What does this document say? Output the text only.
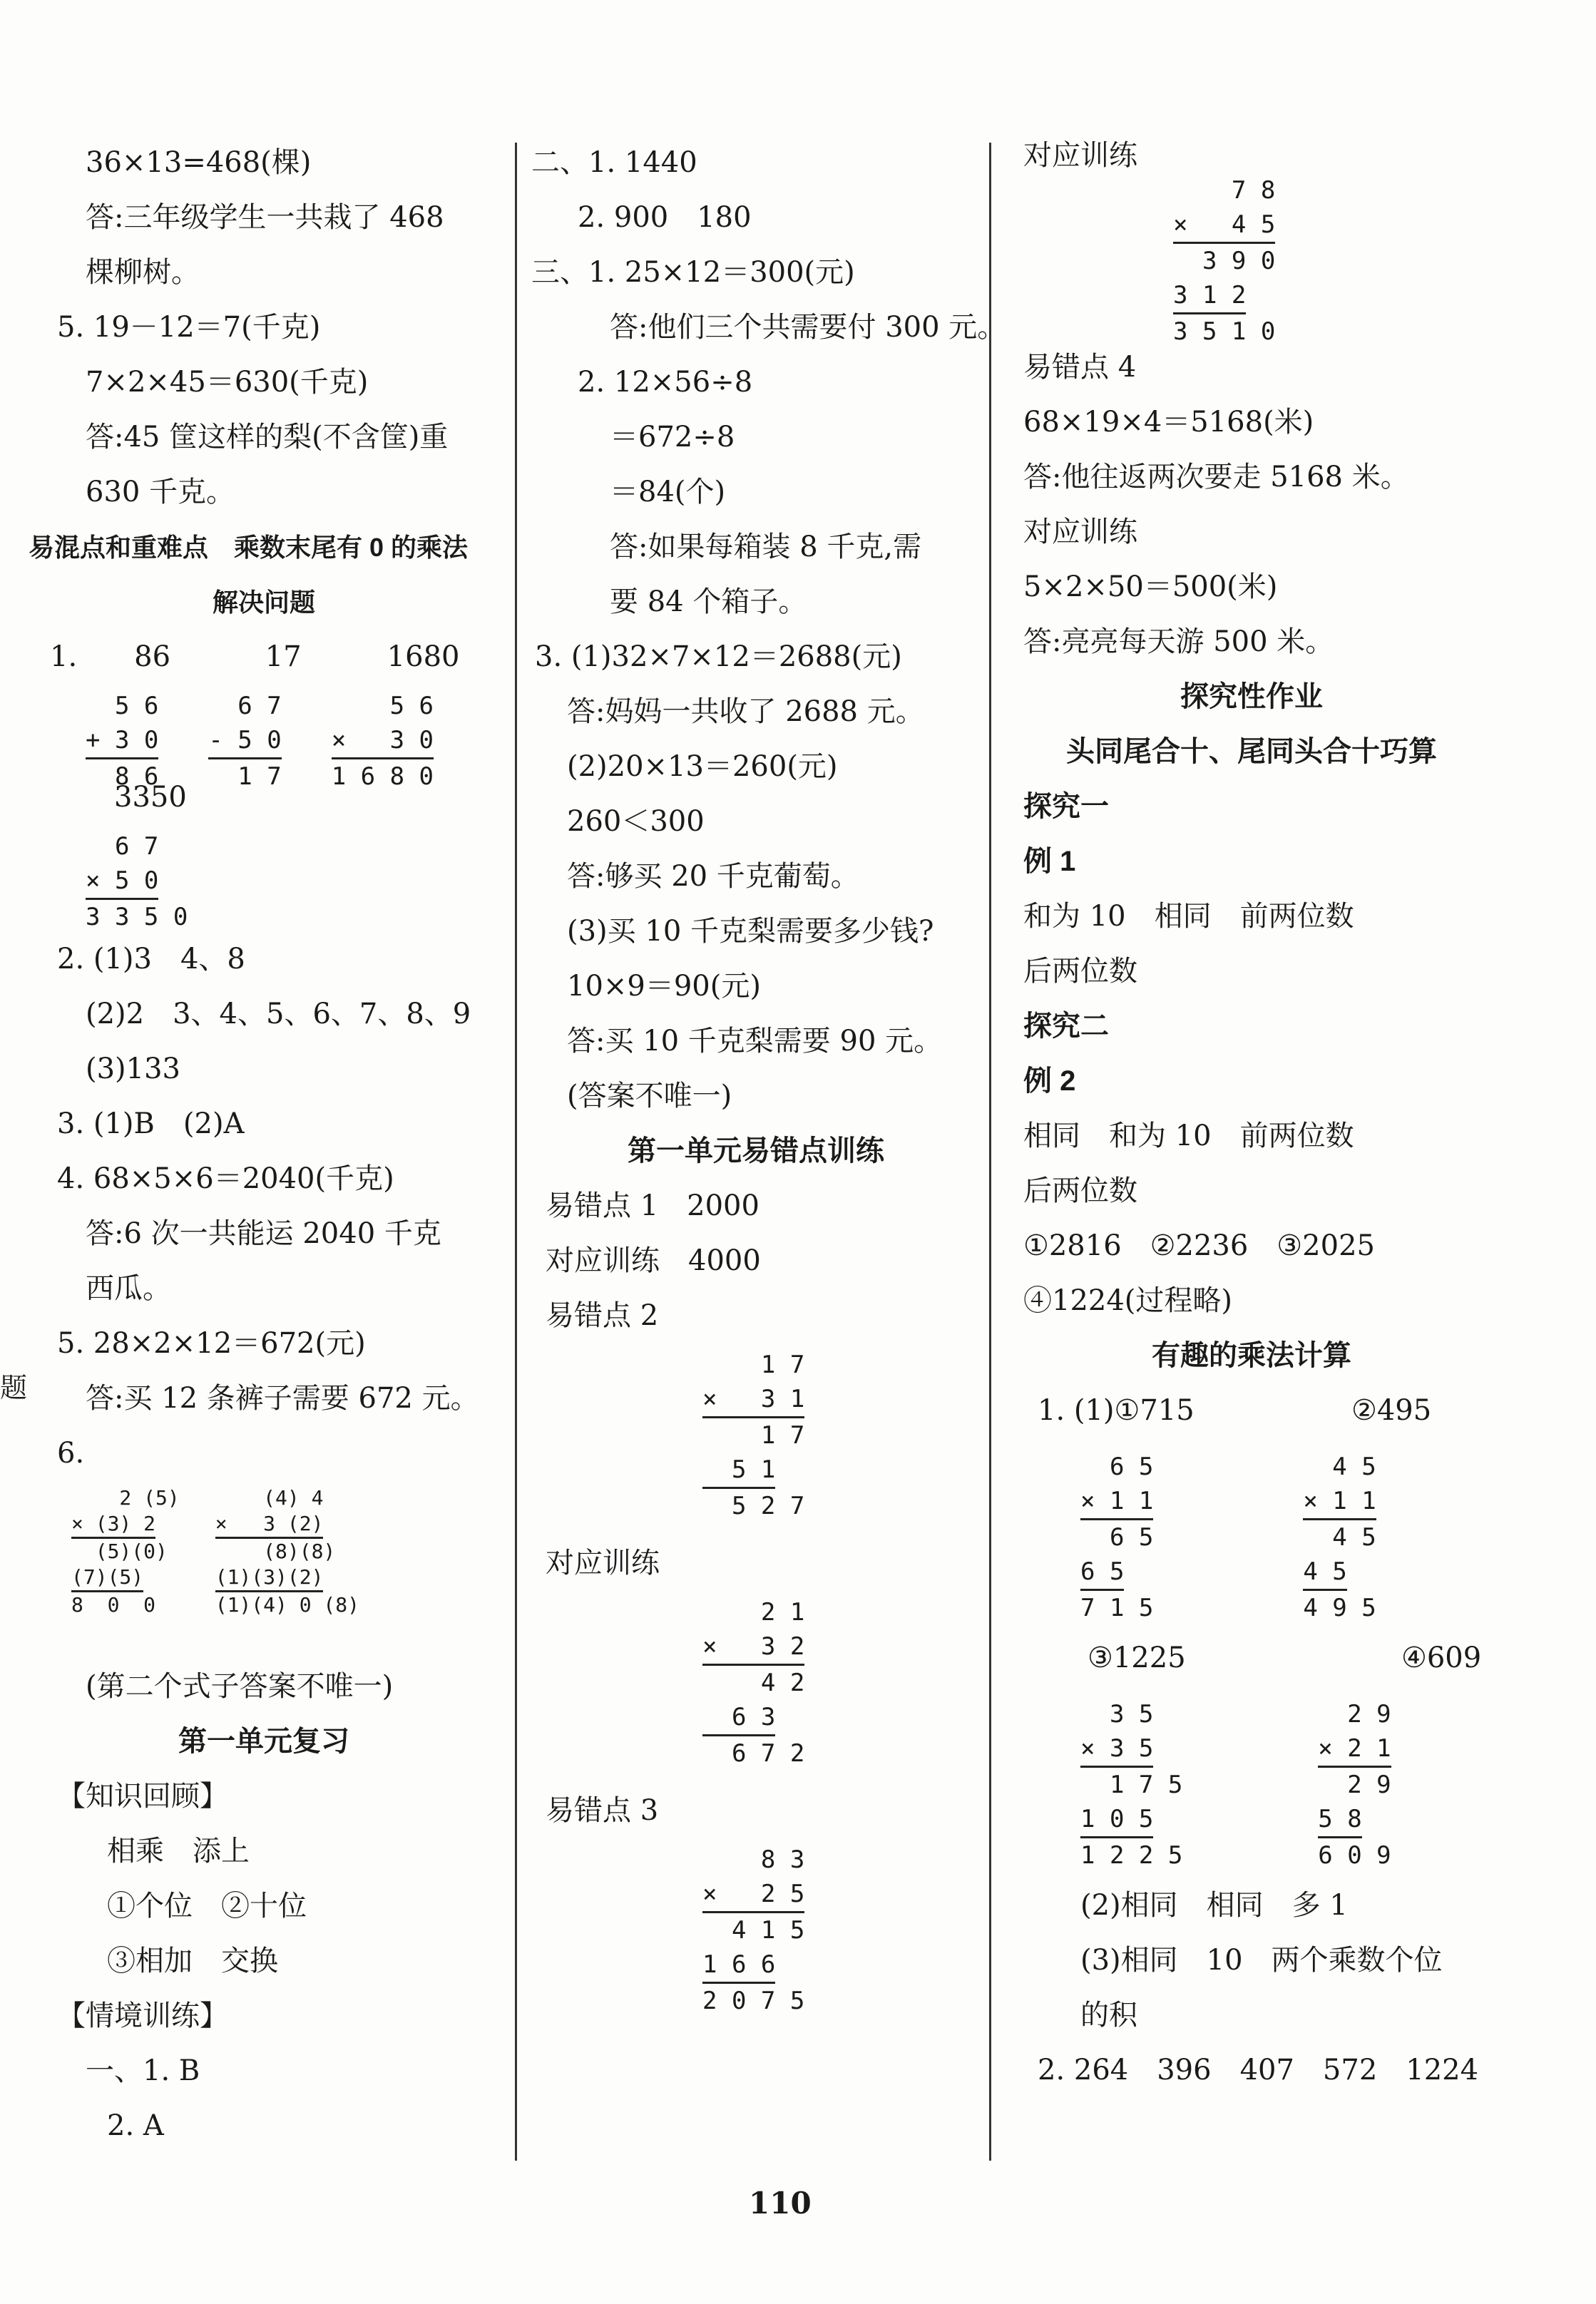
题
36×13=468(棵)
答:三年级学生一共栽了 468
棵柳树。
5. 19－12＝7(千克)
7×2×45＝630(千克)
答:45 筐这样的梨(不含筐)重
630 千克。
易混点和重难点　乘数末尾有 0 的乘法
解决问题
1.　　86　　　 17　　　1680
5 6
+ 3 0
8 6
6 7
- 5 0
1 7
5 6
×   3 0
1 6 8 0
3350
6 7
× 5 0
3 3 5 0
2. (1)3　4、8
(2)2　3、4、5、6、7、8、9
(3)133
3. (1)B　(2)A
4. 68×5×6＝2040(千克)
答:6 次一共能运 2040 千克
西瓜。
5. 28×2×12＝672(元)
答:买 12 条裤子需要 672 元。
6.
2 (5)
× (3) 2
(5)(0)
(7)(5)
8  0  0
(4) 4
×   3 (2)
(8)(8)
(1)(3)(2)
(1)(4) 0 (8)
(第二个式子答案不唯一)
第一单元复习
【知识回顾】
相乘　添上
①个位　②十位
③相加　交换
【情境训练】
一、1. B
2. A
二、1. 1440
2. 900　180
三、1. 25×12＝300(元)
答:他们三个共需要付 300 元。
2. 12×56÷8
＝672÷8
＝84(个)
答:如果每箱装 8 千克,需
要 84 个箱子。
3. (1)32×7×12＝2688(元)
答:妈妈一共收了 2688 元。
(2)20×13＝260(元)
260＜300
答:够买 20 千克葡萄。
(3)买 10 千克梨需要多少钱?
10×9＝90(元)
答:买 10 千克梨需要 90 元。
(答案不唯一)
第一单元易错点训练
易错点 1　2000
对应训练　4000
易错点 2
1 7
×   3 1
1 7
5 1
5 2 7
对应训练
2 1
×   3 2
4 2
6 3
6 7 2
易错点 3
8 3
×   2 5
4 1 5
1 6 6
2 0 7 5
对应训练
7 8
×   4 5
3 9 0
3 1 2
3 5 1 0
易错点 4
68×19×4＝5168(米)
答:他往返两次要走 5168 米。
对应训练
5×2×50＝500(米)
答:亮亮每天游 500 米。
探究性作业
头同尾合十、尾同头合十巧算
探究一
例 1
和为 10　相同　前两位数
后两位数
探究二
例 2
相同　和为 10　前两位数
后两位数
①2816　②2236　③2025
④1224(过程略)
有趣的乘法计算
1. (1)①715	②495
6 5
× 1 1
6 5
6 5
7 1 5
4 5
× 1 1
4 5
4 5
4 9 5
③1225	④609
3 5
× 3 5
1 7 5
1 0 5
1 2 2 5
2 9
× 2 1
2 9
5 8
6 0 9
(2)相同　相同　多 1
(3)相同　10　两个乘数个位
的积
2. 264　396　407　572　1224
110
